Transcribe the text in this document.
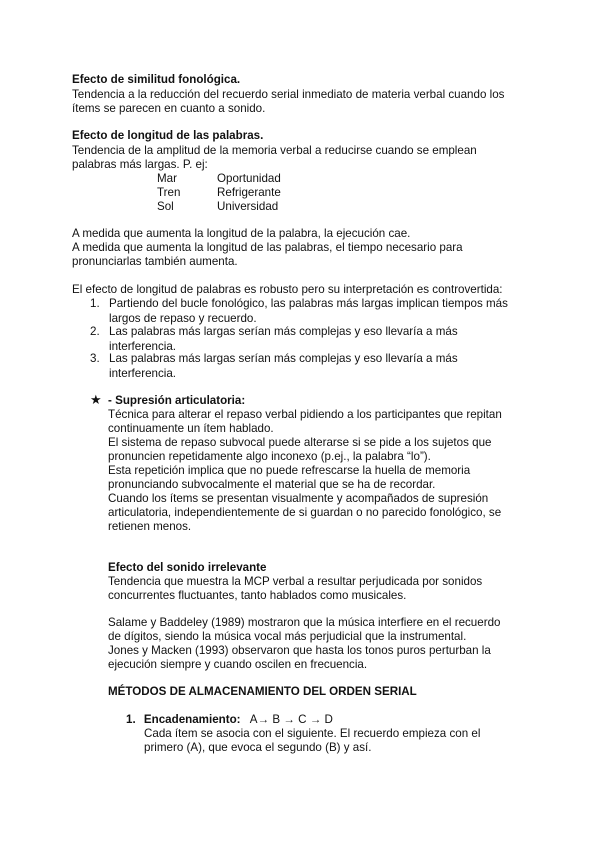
Efecto de similitud fonológica.
Tendencia a la reducción del recuerdo serial inmediato de materia verbal cuando los
ítems se parecen en cuanto a sonido.
Efecto de longitud de las palabras.
Tendencia de la amplitud de la memoria verbal a reducirse cuando se emplean
palabras más largas. P. ej:
Mar	Oportunidad
Tren	Refrigerante
Sol	Universidad
A medida que aumenta la longitud de la palabra, la ejecución cae.
A medida que aumenta la longitud de las palabras, el tiempo necesario para
pronunciarlas también aumenta.
El efecto de longitud de palabras es robusto pero su interpretación es controvertida:
1. Partiendo del bucle fonológico, las palabras más largas implican tiempos más
largos de repaso y recuerdo.
2. Las palabras más largas serían más complejas y eso llevaría a más
interferencia.
3. Las palabras más largas serían más complejas y eso llevaría a más
interferencia.
★ - Supresión articulatoria:
Técnica para alterar el repaso verbal pidiendo a los participantes que repitan
continuamente un ítem hablado.
El sistema de repaso subvocal puede alterarse si se pide a los sujetos que
pronuncien repetidamente algo inconexo (p.ej., la palabra “lo”).
Esta repetición implica que no puede refrescarse la huella de memoria
pronunciando subvocalmente el material que se ha de recordar.
Cuando los ítems se presentan visualmente y acompañados de supresión
articulatoria, independientemente de si guardan o no parecido fonológico, se
retienen menos.
Efecto del sonido irrelevante
Tendencia que muestra la MCP verbal a resultar perjudicada por sonidos
concurrentes fluctuantes, tanto hablados como musicales.
Salame y Baddeley (1989) mostraron que la música interfiere en el recuerdo
de dígitos, siendo la música vocal más perjudicial que la instrumental.
Jones y Macken (1993) observaron que hasta los tonos puros perturban la
ejecución siempre y cuando oscilen en frecuencia.
MÉTODOS DE ALMACENAMIENTO DEL ORDEN SERIAL
1. Encadenamiento: A→ B → C → D
Cada ítem se asocia con el siguiente. El recuerdo empieza con el
primero (A), que evoca el segundo (B) y así.
